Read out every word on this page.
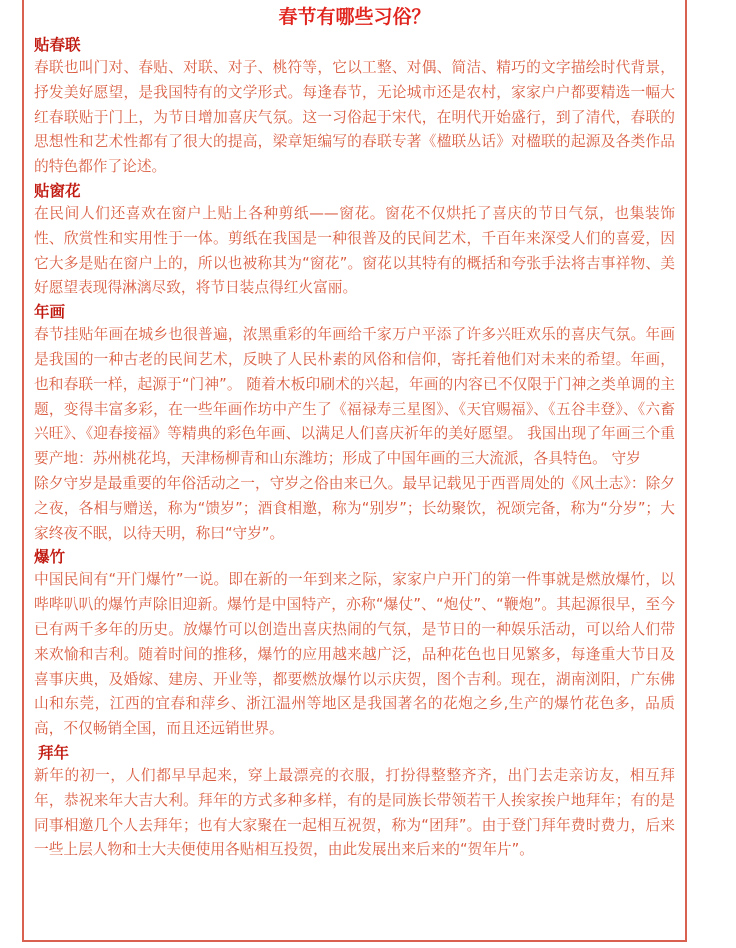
春节有哪些习俗？
贴春联

春联也叫门对、春贴、对联、对子、桃符等，它以工整、对偶、简洁、精巧的文字描绘时代背景，抒发美好愿望，是我国特有的文学形式。每逢春节，无论城市还是农村，家家户户都要精选一幅大红春联贴于门上，为节日增加喜庆气氛。这一习俗起于宋代，在明代开始盛行，到了清代，春联的思想性和艺术性都有了很大的提高，梁章矩编写的春联专著《楹联丛话》对楹联的起源及各类作品的特色都作了论述。

贴窗花

在民间人们还喜欢在窗户上贴上各种剪纸——窗花。窗花不仅烘托了喜庆的节日气氛，也集装饰性、欣赏性和实用性于一体。剪纸在我国是一种很普及的民间艺术，千百年来深受人们的喜爱，因它大多是贴在窗户上的，所以也被称其为“窗花”。窗花以其特有的概括和夸张手法将吉事祥物、美好愿望表现得淋漓尽致，将节日装点得红火富丽。

年画

春节挂贴年画在城乡也很普遍，浓黑重彩的年画给千家万户平添了许多兴旺欢乐的喜庆气氛。年画是我国的一种古老的民间艺术，反映了人民朴素的风俗和信仰，寄托着他们对未来的希望。年画，也和春联一样，起源于“门神”。 随着木板印刷术的兴起，年画的内容已不仅限于门神之类单调的主题，变得丰富多彩，在一些年画作坊中产生了《福禄寿三星图》、《天官赐福》、《五谷丰登》、《六畜兴旺》、《迎春接福》等精典的彩色年画、以满足人们喜庆祈年的美好愿望。 我国出现了年画三个重要产地：苏州桃花坞，天津杨柳青和山东潍坊；形成了中国年画的三大流派，各具特色。 守岁

除夕守岁是最重要的年俗活动之一，守岁之俗由来已久。最早记载见于西晋周处的《风土志》：除夕之夜，各相与赠送，称为“馈岁”；酒食相邀，称为“别岁”；长幼聚饮，祝颂完备，称为“分岁”；大家终夜不眠，以待天明，称曰“守岁”。

爆竹

中国民间有“开门爆竹”一说。即在新的一年到来之际，家家户户开门的第一件事就是燃放爆竹，以哔哔叭叭的爆竹声除旧迎新。爆竹是中国特产，亦称“爆仗”、“炮仗”、“鞭炮”。其起源很早，至今已有两千多年的历史。放爆竹可以创造出喜庆热闹的气氛，是节日的一种娱乐活动，可以给人们带来欢愉和吉利。随着时间的推移，爆竹的应用越来越广泛，品种花色也日见繁多，每逢重大节日及喜事庆典，及婚嫁、建房、开业等，都要燃放爆竹以示庆贺，图个吉利。现在，湖南浏阳，广东佛山和东莞，江西的宜春和萍乡、浙江温州等地区是我国著名的花炮之乡,生产的爆竹花色多，品质高，不仅畅销全国，而且还远销世界。

拜年

新年的初一，人们都早早起来，穿上最漂亮的衣服，打扮得整整齐齐，出门去走亲访友，相互拜年，恭祝来年大吉大利。拜年的方式多种多样，有的是同族长带领若干人挨家挨户地拜年；有的是同事相邀几个人去拜年；也有大家聚在一起相互祝贺，称为“团拜”。由于登门拜年费时费力，后来一些上层人物和士大夫便使用各贴相互投贺，由此发展出来后来的“贺年片”。
